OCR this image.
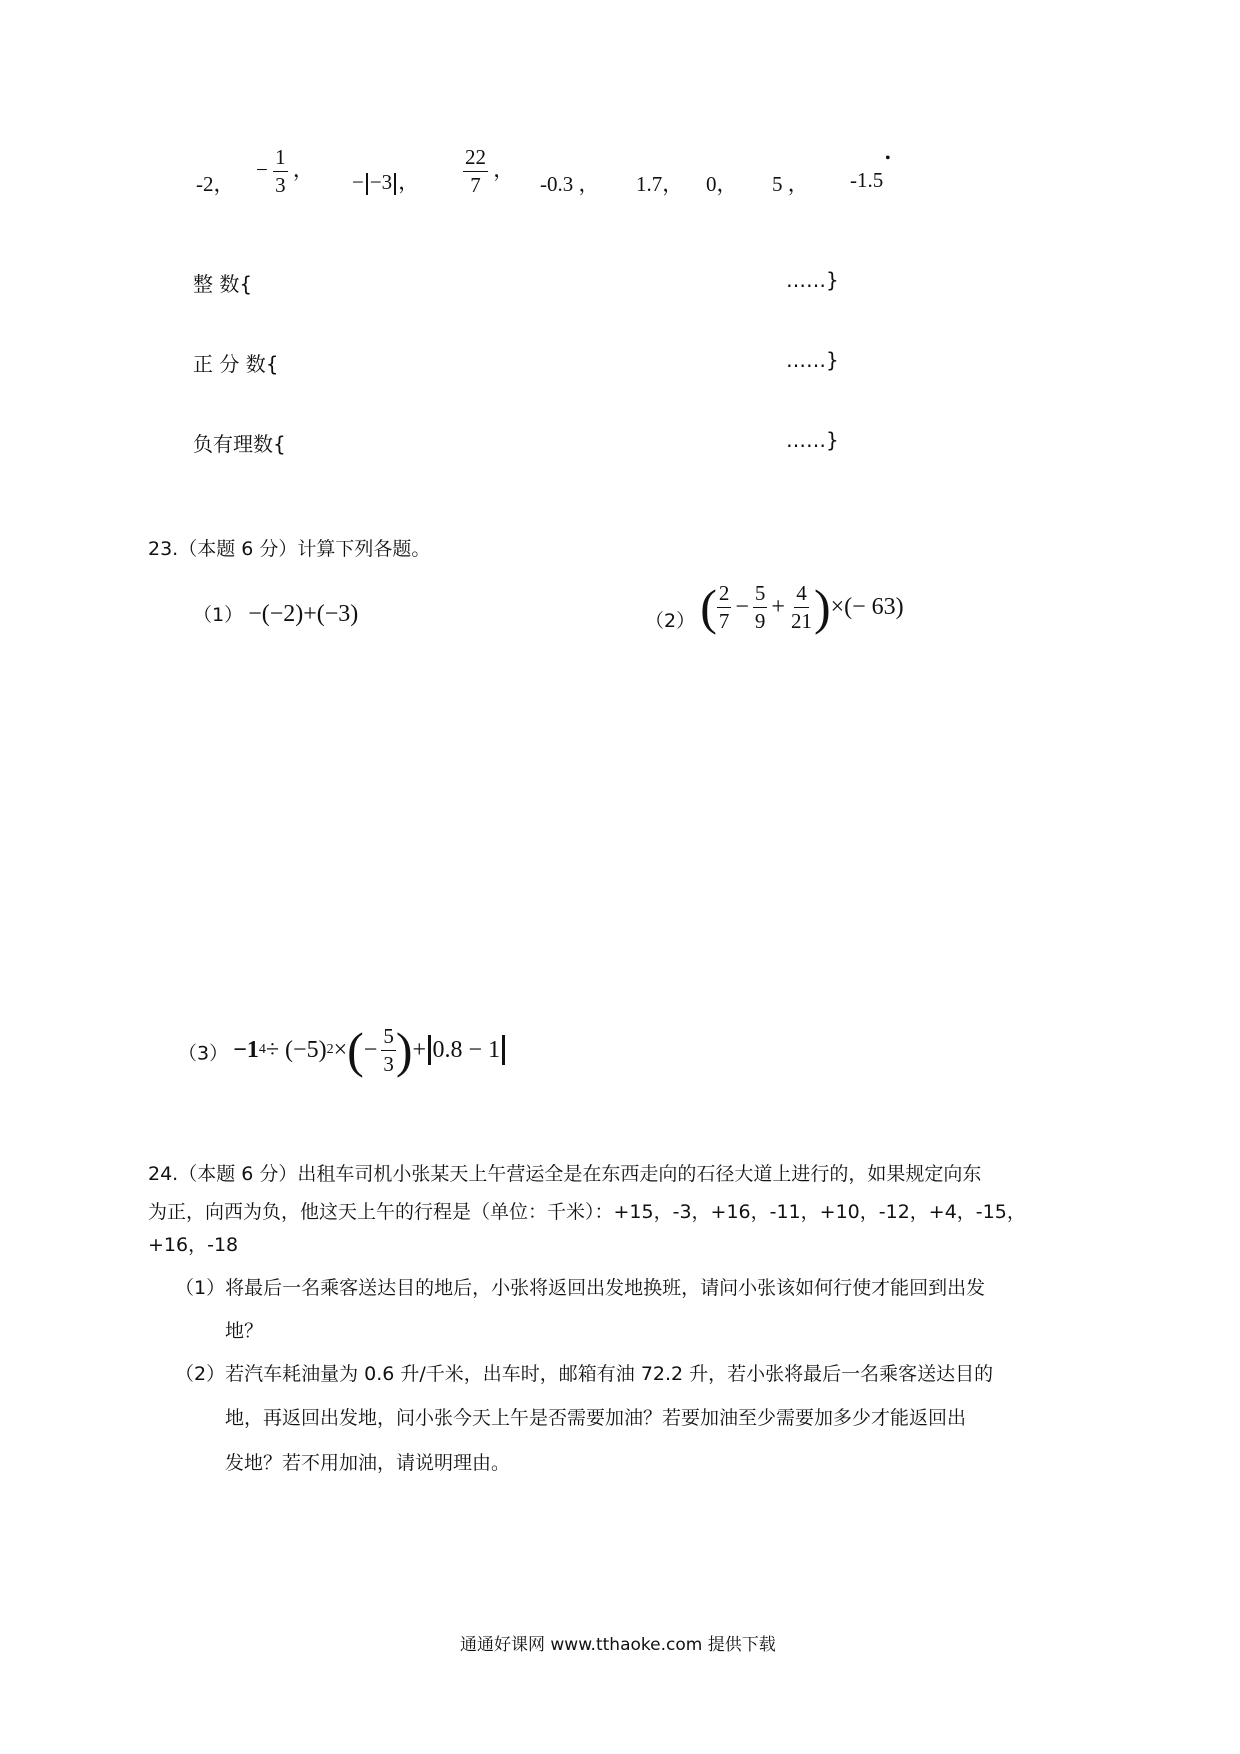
-2，
− $\frac{1}{3}$ ，
− −3 ， $\frac{22}{7}$ ，
-0.3 ， 1.7， 0， 5 ， -1.5
•
整 数{	……}
正 分 数{	……}
负有理数{	……}
23.（本题 6 分）计算下列各题。
（1） −(−2)+(−3)	（2） ( $\frac{2}{7} - \frac{5}{9} + \frac{4}{21}$ ) ×(− 63)
（3） −1 4 ÷ (−5) 2 × ( − $\frac{5}{3}$ ) + 0.8 − 1
24.（本题 6 分）出租车司机小张某天上午营运全是在东西走向的石径大道上进行的，如果规定向东
为正，向西为负，他这天上午的行程是（单位：千米）：+15，-3，+16，-11，+10，-12，+4，-15，
+16，-18
（1）将最后一名乘客送达目的地后，小张将返回出发地换班，请问小张该如何行使才能回到出发
地？
（2）若汽车耗油量为 0.6 升/千米，出车时，邮箱有油 72.2 升，若小张将最后一名乘客送达目的
地，再返回出发地，问小张今天上午是否需要加油？若要加油至少需要加多少才能返回出
发地？若不用加油，请说明理由。
通通好课网 www.tthaoke.com 提供下载
